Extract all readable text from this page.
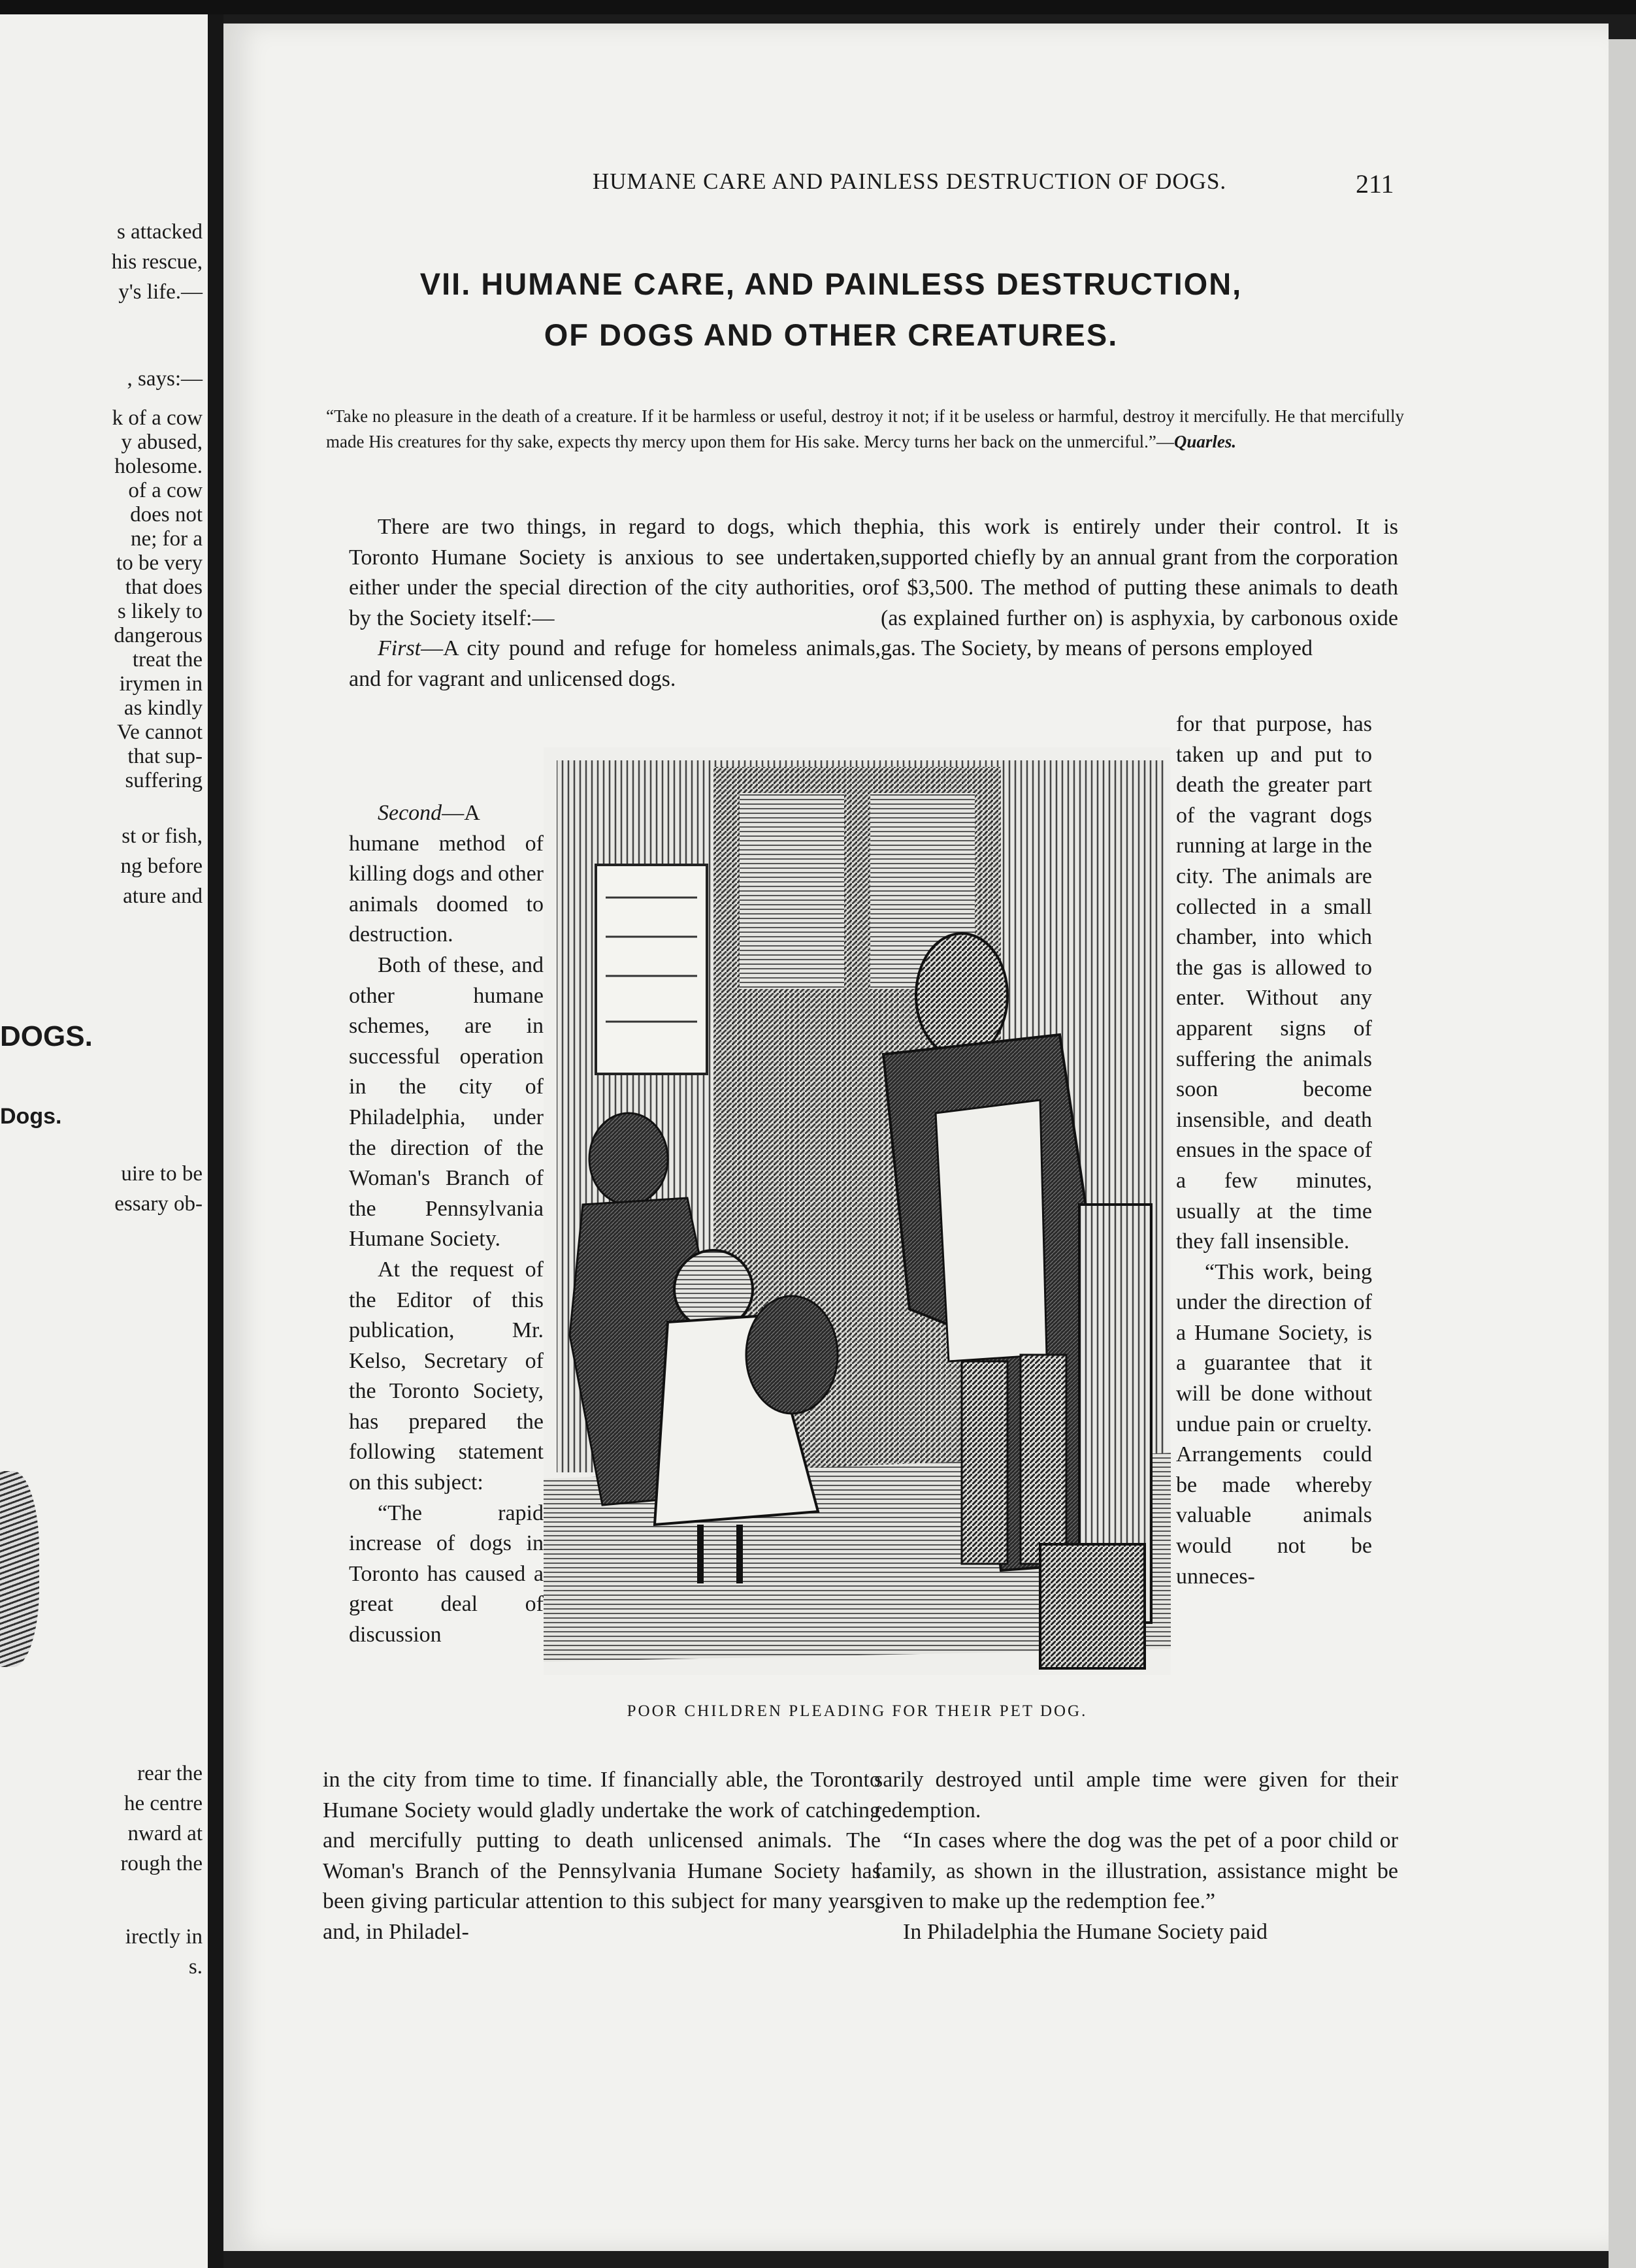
s attacked

his rescue,

y's life.—

, says:—

k of a cow

y abused,

holesome.

of a cow

does not

ne; for a

to be very

that does

s likely to

dangerous

treat the

irymen in

as kindly

Ve cannot

that sup-

suffering

st or fish,

ng before

ature and

DOGS.

Dogs.

uire to be

essary ob-

rear the

he centre

nward at

rough the

irectly in

s.

HUMANE CARE AND PAINLESS DESTRUCTION OF DOGS.	211

VII. HUMANE CARE, AND PAINLESS DESTRUCTION,
OF DOGS AND OTHER CREATURES.

“Take no pleasure in the death of a creature. If it be harmless or useful, destroy it not; if it be useless or harmful, destroy it mercifully. He that mercifully made His creatures for thy sake, expects thy mercy upon them for His sake. Mercy turns her back on the unmerciful.”—Quarles.

There are two things, in regard to dogs, which the Toronto Humane Society is anxious to see undertaken, either under the special direction of the city authorities, or by the Society itself:—

First—A city pound and refuge for homeless animals, and for vagrant and unlicensed dogs.

Second—A humane method of killing dogs and other animals doomed to destruction.

Both of these, and other humane schemes, are in successful operation in the city of Philadelphia, under the direction of the Woman's Branch of the Pennsylvania Humane Society.

At the request of the Editor of this publication, Mr. Kelso, Secretary of the Toronto Society, has prepared the following statement on this subject:

“The rapid increase of dogs in Toronto has caused a great deal of discussion

in the city from time to time. If financially able, the Toronto Humane Society would gladly undertake the work of catching and mercifully putting to death unlicensed animals. The Woman's Branch of the Pennsylvania Humane Society has been giving particular attention to this subject for many years, and, in Philadel-

phia, this work is entirely under their control. It is supported chiefly by an annual grant from the corporation of $3,500. The method of putting these animals to death (as explained further on) is asphyxia, by carbonous oxide gas. The Society, by means of persons employed

for that purpose, has taken up and put to death the greater part of the vagrant dogs running at large in the city. The animals are collected in a small chamber, into which the gas is allowed to enter. Without any apparent signs of suffering the animals soon become insensible, and death ensues in the space of a few minutes, usually at the time they fall insensible.

“This work, being under the direction of a Humane Society, is a guarantee that it will be done without undue pain or cruelty. Arrangements could be made whereby valuable animals would not be unneces-

sarily destroyed until ample time were given for their redemption.

“In cases where the dog was the pet of a poor child or family, as shown in the illustration, assistance might be given to make up the redemption fee.”

In Philadelphia the Humane Society paid

POOR CHILDREN PLEADING FOR THEIR PET DOG.
